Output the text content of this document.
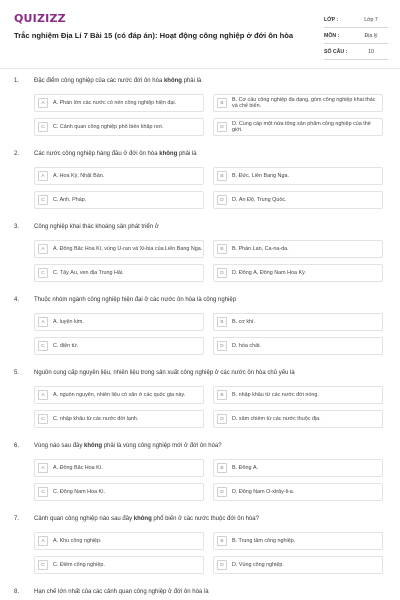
QUIZIZZ
Trắc nghiệm Địa Lí 7 Bài 15 (có đáp án): Hoạt động công nghiệp ở đới ôn hòa
LỚP :	Lớp 7
MÔN :	Địa lý
SỐ CÂU :	10
1. Đặc điểm công nghiệp của các nước đới ôn hòa không phải là
A	A. Phần lớn các nước có nền công nghiệp hiện đại.	B
B. Cơ cấu công nghiệp đa dạng, gồm công nghiệp khai thác và chế biến.
C	C. Cảnh quan công nghiệp phổ biến khắp nơi.	D
D. Cung cấp một nửa tổng sản phẩm công nghiệp của thế giới.
2. Các nước công nghiệp hàng đầu ở đới ôn hòa không phải là
A	A. Hoa Kỳ, Nhật Bản.	B	B. Đức, Liên Bang Nga.
C	C. Anh, Pháp.	D	D. Ấn Độ, Trung Quốc.
3. Công nghiệp khai thác khoáng sản phát triển ở
A	A. Đông Bắc Hoa Kì, vùng U-ran và Xi-bia của Liên Bang Nga.	B	B. Phần Lan, Ca-na-da.
C	C. Tây Âu, ven địa Trung Hải.	D	D. Đông Á, Đông Nam Hoa Kỳ.
4. Thuộc nhóm ngành công nghiệp hiện đại ở các nước ôn hòa là công nghiệp
A	A. luyện kim.	B	B. cơ khí.
C	C. điện tử.	D	D. hóa chất.
5. Nguồn cung cấp nguyên liệu, nhiên liệu trong sản xuất công nghiệp ở các nước ôn hòa chủ yếu là
A	A. nguồn nguyên, nhiên liệu có sẵn ở các quốc gia này.	B	B. nhập khẩu từ các nước đới nóng.
C	C. nhập khẩu từ các nước đới lạnh.	D	D. xâm chiếm từ các nước thuộc địa.
6. Vùng nào sau đây không phải là vùng công nghiệp mới ở đới ôn hòa?
A	A. Đông Bắc Hoa Kì.	B	B. Đông Á.
C	C. Đông Nam Hoa Kì.	D	D. Đông Nam Ô-xtrây-li-a.
7. Cảnh quan công nghiệp nào sau đây không phổ biến ở các nước thuộc đới ôn hòa?
A	A. Khu công nghiệp.	B	B. Trung tâm công nghiệp.
C	C. Điểm công nghiệp.	D	D. Vùng công nghiệp.
8. Hạn chế lớn nhất của các cảnh quan công nghiệp ở đới ôn hòa là
